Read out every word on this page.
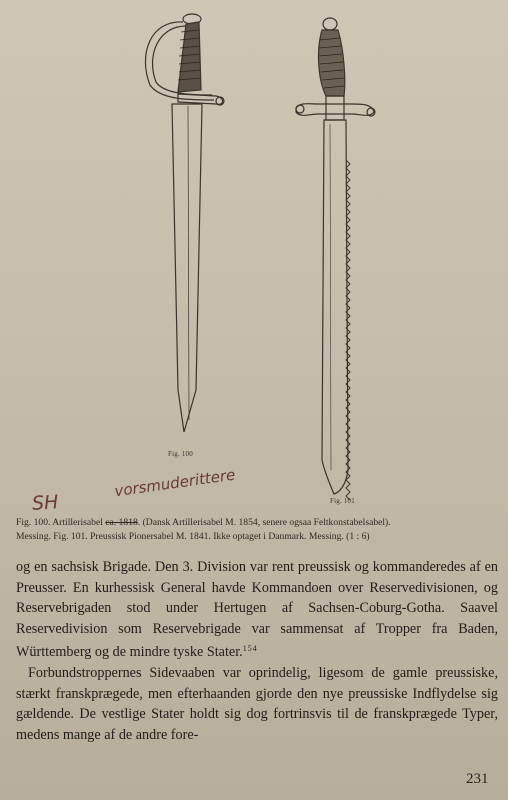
Fig. 100
Fig. 101
SH
vorsmuderittere
Fig. 100. Artillerisabel ca. 1818. (Dansk Artillerisabel M. 1854, senere ogsaa Feltkonstabelsabel).
Messing. Fig. 101. Preussisk Pionersabel M. 1841. Ikke optaget i Danmark. Messing. (1 : 6)

og en sachsisk Brigade. Den 3. Division var rent preussisk og kommanderedes af en Preusser. En kurhessisk General havde Kommandoen over Reservedivisionen, og Reservebrigaden stod under Hertugen af Sachsen-Coburg-Gotha. Saavel Reservedivision som Reservebrigade var sammensat af Tropper fra Baden, Württemberg og de mindre tyske Stater.$^{154}$

Forbundstroppernes Sidevaaben var oprindelig, ligesom de gamle preussiske, stærkt franskprægede, men efterhaanden gjorde den nye preussiske Indflydelse sig gældende. De vestlige Stater holdt sig dog fortrinsvis til de franskprægede Typer, medens mange af de andre fore-

231
